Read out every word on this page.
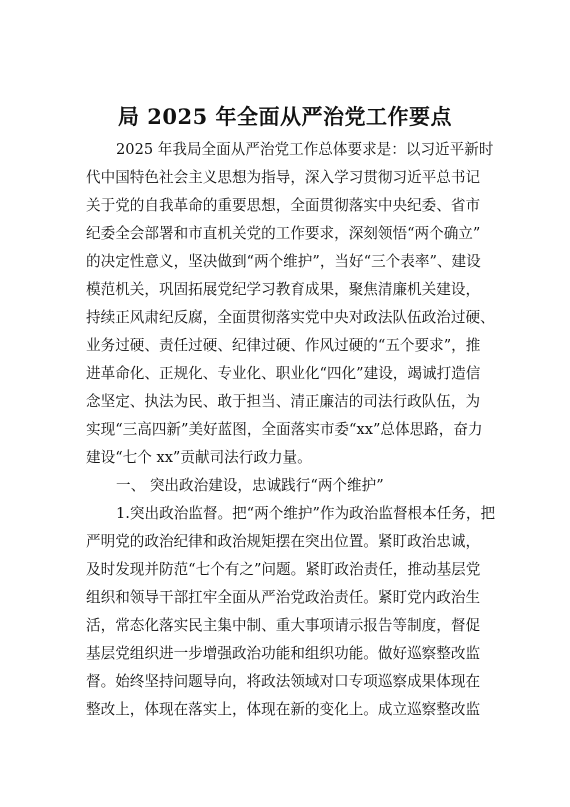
局 2025 年全面从严治党工作要点
2025 年我局全面从严治党工作总体要求是：以习近平新时
代中国特色社会主义思想为指导，深入学习贯彻习近平总书记
关于党的自我革命的重要思想，全面贯彻落实中央纪委、省市
纪委全会部署和市直机关党的工作要求，深刻领悟“两个确立”
的决定性意义，坚决做到“两个维护”，当好“三个表率”、建设
模范机关，巩固拓展党纪学习教育成果，聚焦清廉机关建设，
持续正风肃纪反腐，全面贯彻落实党中央对政法队伍政治过硬、
业务过硬、责任过硬、纪律过硬、作风过硬的“五个要求”，推
进革命化、正规化、专业化、职业化“四化”建设，竭诚打造信
念坚定、执法为民、敢于担当、清正廉洁的司法行政队伍，为
实现“三高四新”美好蓝图，全面落实市委“xx”总体思路，奋力
建设“七个 xx”贡献司法行政力量。
一、 突出政治建设，忠诚践行“两个维护”
1.突出政治监督。把“两个维护”作为政治监督根本任务，把
严明党的政治纪律和政治规矩摆在突出位置。紧盯政治忠诚，
及时发现并防范“七个有之”问题。紧盯政治责任，推动基层党
组织和领导干部扛牢全面从严治党政治责任。紧盯党内政治生
活，常态化落实民主集中制、重大事项请示报告等制度，督促
基层党组织进一步增强政治功能和组织功能。做好巡察整改监
督。始终坚持问题导向，将政法领域对口专项巡察成果体现在
整改上，体现在落实上，体现在新的变化上。成立巡察整改监
